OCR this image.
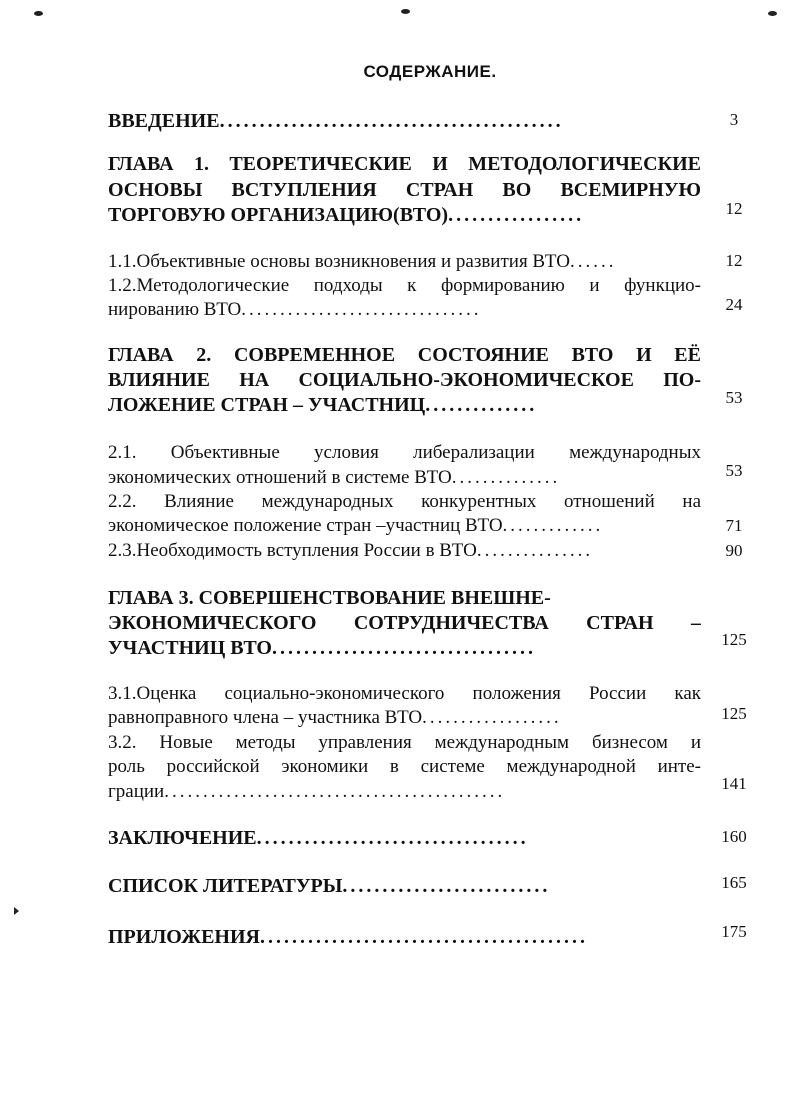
СОДЕРЖАНИЕ.
ВВЕДЕНИЕ...........................................	3
ГЛАВА 1. ТЕОРЕТИЧЕСКИЕ И МЕТОДОЛОГИЧЕСКИЕ
ОСНОВЫ ВСТУПЛЕНИЯ СТРАН ВО ВСЕМИРНУЮ
ТОРГОВУЮ ОРГАНИЗАЦИЮ(ВТО).................	12
1.1.Объективные основы возникновения и развития ВТО......	12
1.2.Методологические подходы к формированию и функцио-
нированию ВТО...............................	24
ГЛАВА 2. СОВРЕМЕННОЕ СОСТОЯНИЕ ВТО И ЕЁ
ВЛИЯНИЕ НА СОЦИАЛЬНО-ЭКОНОМИЧЕСКОЕ ПО-
ЛОЖЕНИЕ СТРАН – УЧАСТНИЦ..............	53
2.1. Объективные условия либерализации международных
экономических отношений в системе ВТО..............	53
2.2. Влияние международных конкурентных отношений на
экономическое положение стран –участниц ВТО.............	71
2.3.Необходимость вступления России в ВТО...............	90
ГЛАВА 3. СОВЕРШЕНСТВОВАНИЕ ВНЕШНЕ-
ЭКОНОМИЧЕСКОГО СОТРУДНИЧЕСТВА СТРАН –
УЧАСТНИЦ ВТО.................................	125
3.1.Оценка социально-экономического положения России как
равноправного члена – участника ВТО..................	125
3.2. Новые методы управления международным бизнесом и
роль российской экономики в системе международной инте-
грации............................................	141
ЗАКЛЮЧЕНИЕ..................................	160
СПИСОК ЛИТЕРАТУРЫ..........................	165
ПРИЛОЖЕНИЯ.........................................	175
